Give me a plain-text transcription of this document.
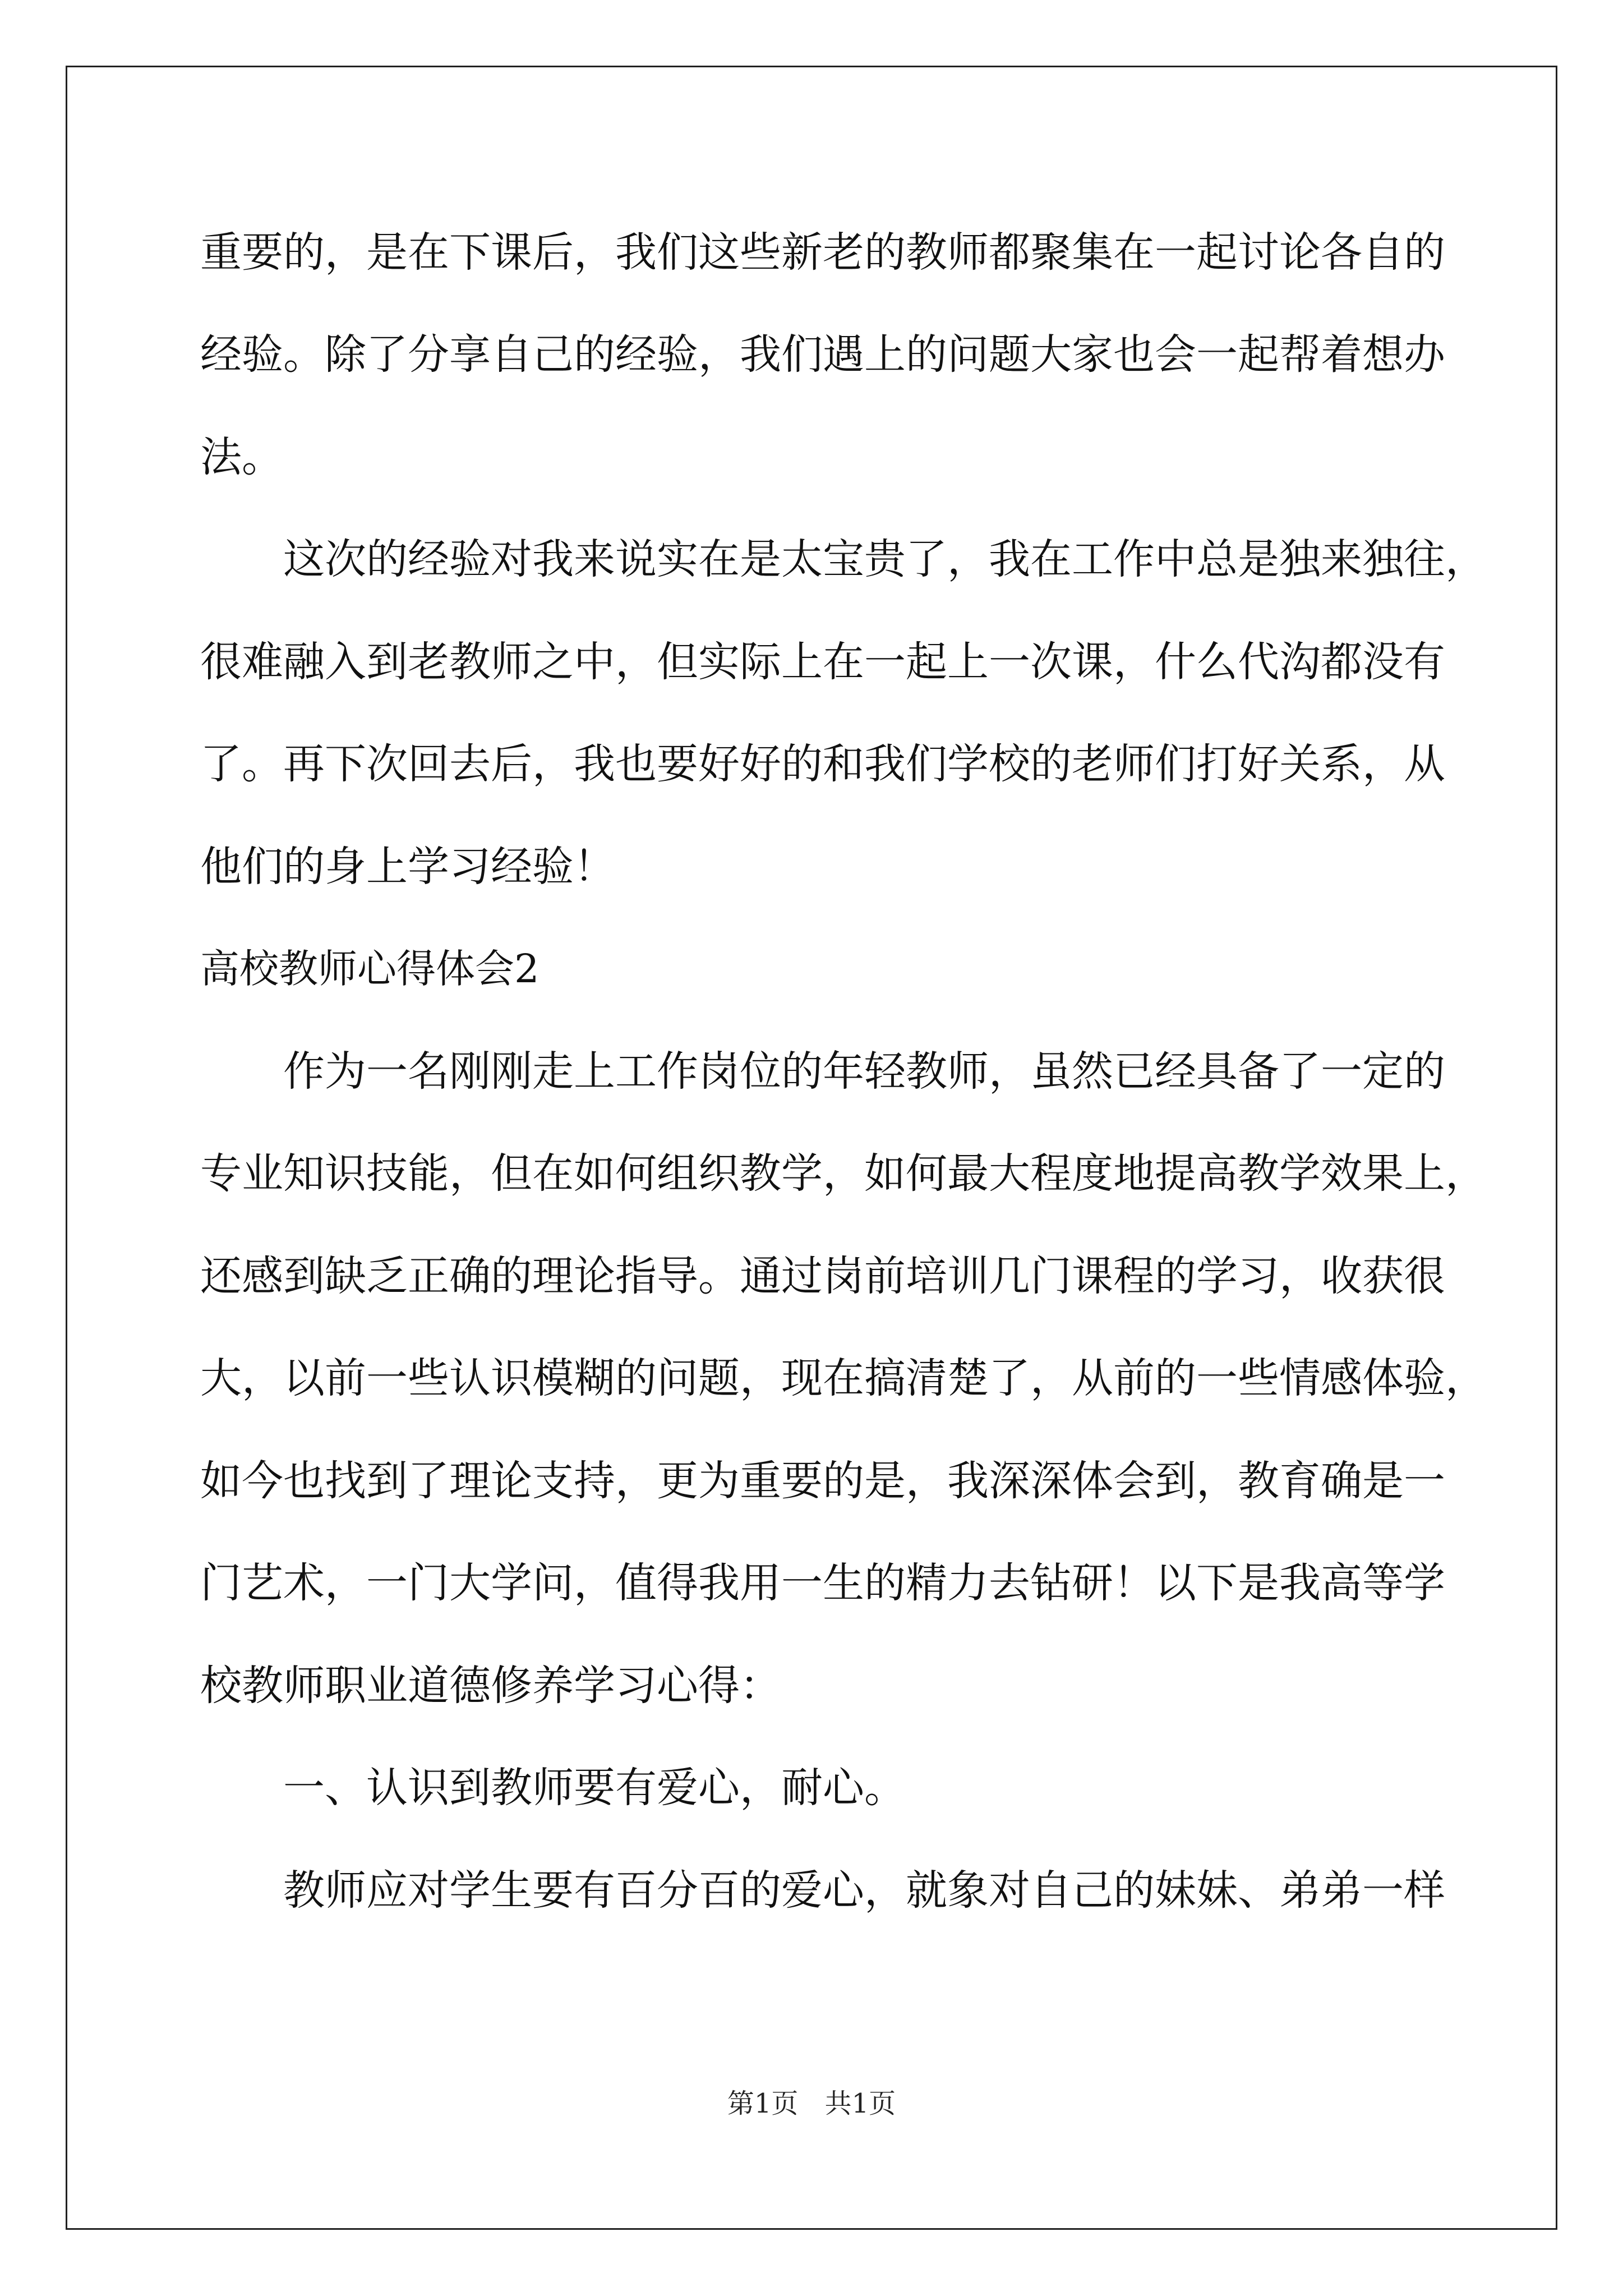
重要的，是在下课后，我们这些新老的教师都聚集在一起讨论各自的
经验。除了分享自己的经验，我们遇上的问题大家也会一起帮着想办
法。
这次的经验对我来说实在是太宝贵了，我在工作中总是独来独往，
很难融入到老教师之中，但实际上在一起上一次课，什么代沟都没有
了。再下次回去后，我也要好好的和我们学校的老师们打好关系，从
他们的身上学习经验！
高校教师心得体会2
作为一名刚刚走上工作岗位的年轻教师，虽然已经具备了一定的
专业知识技能，但在如何组织教学，如何最大程度地提高教学效果上，
还感到缺乏正确的理论指导。通过岗前培训几门课程的学习，收获很
大，以前一些认识模糊的问题，现在搞清楚了，从前的一些情感体验，
如今也找到了理论支持，更为重要的是，我深深体会到，教育确是一
门艺术，一门大学问，值得我用一生的精力去钻研！以下是我高等学
校教师职业道德修养学习心得：
一、认识到教师要有爱心，耐心。
教师应对学生要有百分百的爱心，就象对自己的妹妹、弟弟一样
第1页 共1页
